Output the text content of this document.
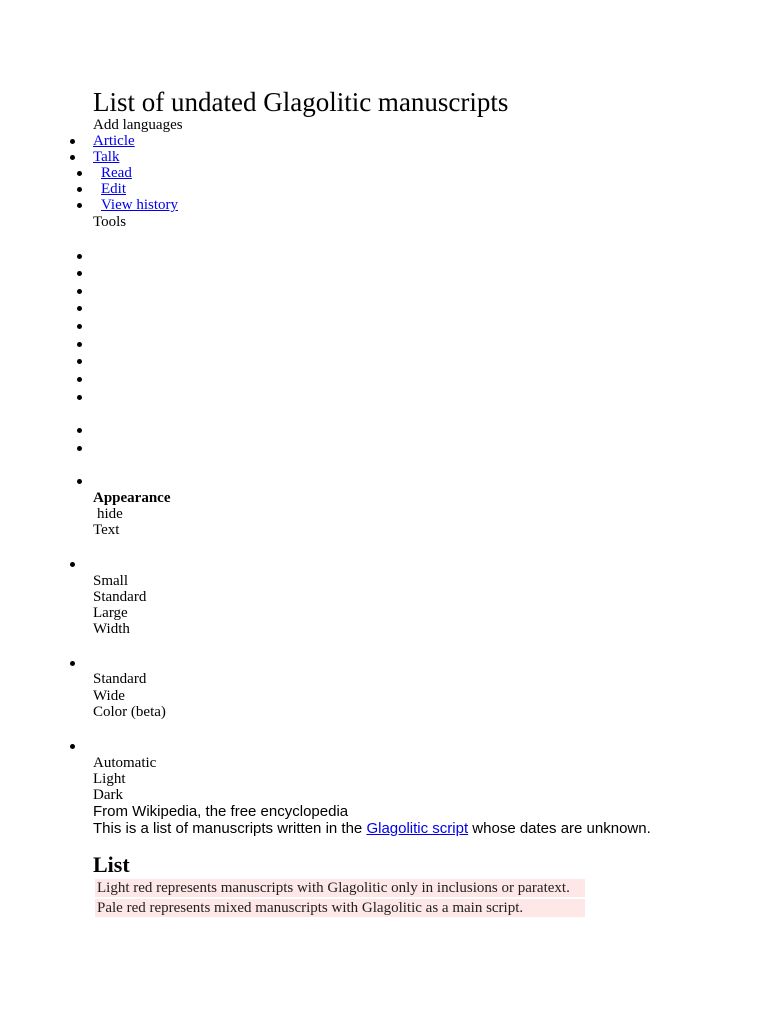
List of undated Glagolitic manuscripts
Add languages
Article
Talk
Read
Edit
View history
Tools
Appearance
hide
Text
Small
Standard
Large
Width
Standard
Wide
Color (beta)
Automatic
Light
Dark
From Wikipedia, the free encyclopedia
This is a list of manuscripts written in the Glagolitic script whose dates are unknown.
List
Light red represents manuscripts with Glagolitic only in inclusions or paratext.
Pale red represents mixed manuscripts with Glagolitic as a main script.
